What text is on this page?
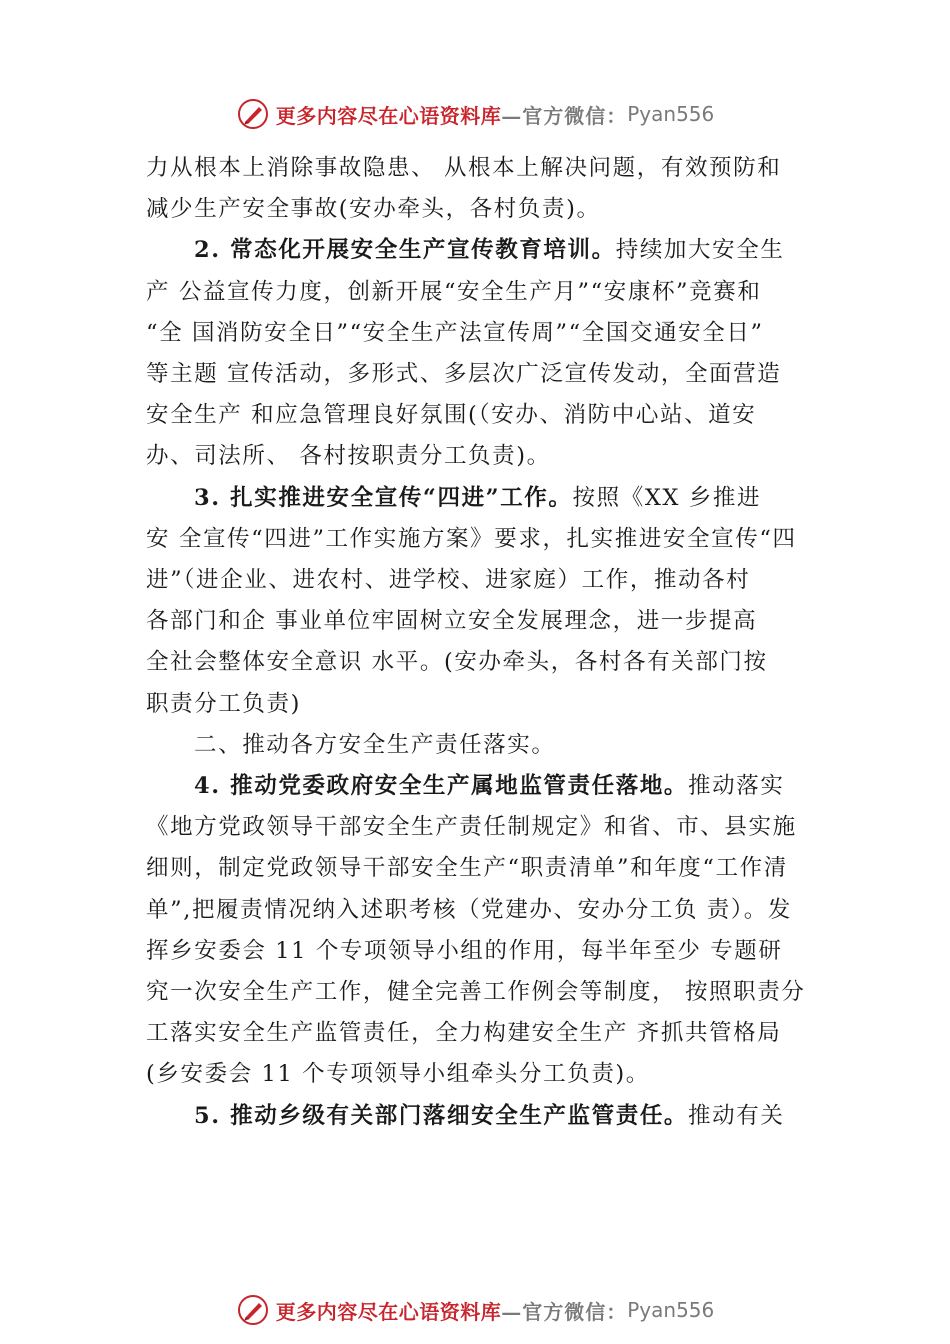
更多内容尽在心语资料库 —官方微信： Pyan556

力从根本上消除事故隐患、 从根本上解决问题，有效预防和

减少生产安全事故(安办牵头，各村负责)。

2. 常态化开展安全生产宣传教育培训。持续加大安全生

产 公益宣传力度，创新开展“安全生产月”“安康杯”竞赛和

“全 国消防安全日”“安全生产法宣传周”“全国交通安全日”

等主题 宣传活动，多形式、多层次广泛宣传发动，全面营造

安全生产 和应急管理良好氛围(（安办、消防中心站、道安

办、司法所、 各村按职责分工负责)。

3. 扎实推进安全宣传“四进”工作。按照《XX 乡推进

安 全宣传“四进”工作实施方案》要求，扎实推进安全宣传“四

进”（进企业、进农村、进学校、进家庭）工作，推动各村

各部门和企 事业单位牢固树立安全发展理念，进一步提高

全社会整体安全意识 水平。(安办牵头，各村各有关部门按

职责分工负责)

二、推动各方安全生产责任落实。

4. 推动党委政府安全生产属地监管责任落地。推动落实

《地方党政领导干部安全生产责任制规定》和省、市、县实施

细则，制定党政领导干部安全生产“职责清单”和年度“工作清

单”,把履责情况纳入述职考核（党建办、安办分工负 责）。发

挥乡安委会 11 个专项领导小组的作用，每半年至少 专题研

究一次安全生产工作，健全完善工作例会等制度， 按照职责分

工落实安全生产监管责任，全力构建安全生产 齐抓共管格局

(乡安委会 11 个专项领导小组牵头分工负责)。

5. 推动乡级有关部门落细安全生产监管责任。推动有关

更多内容尽在心语资料库 —官方微信： Pyan556
